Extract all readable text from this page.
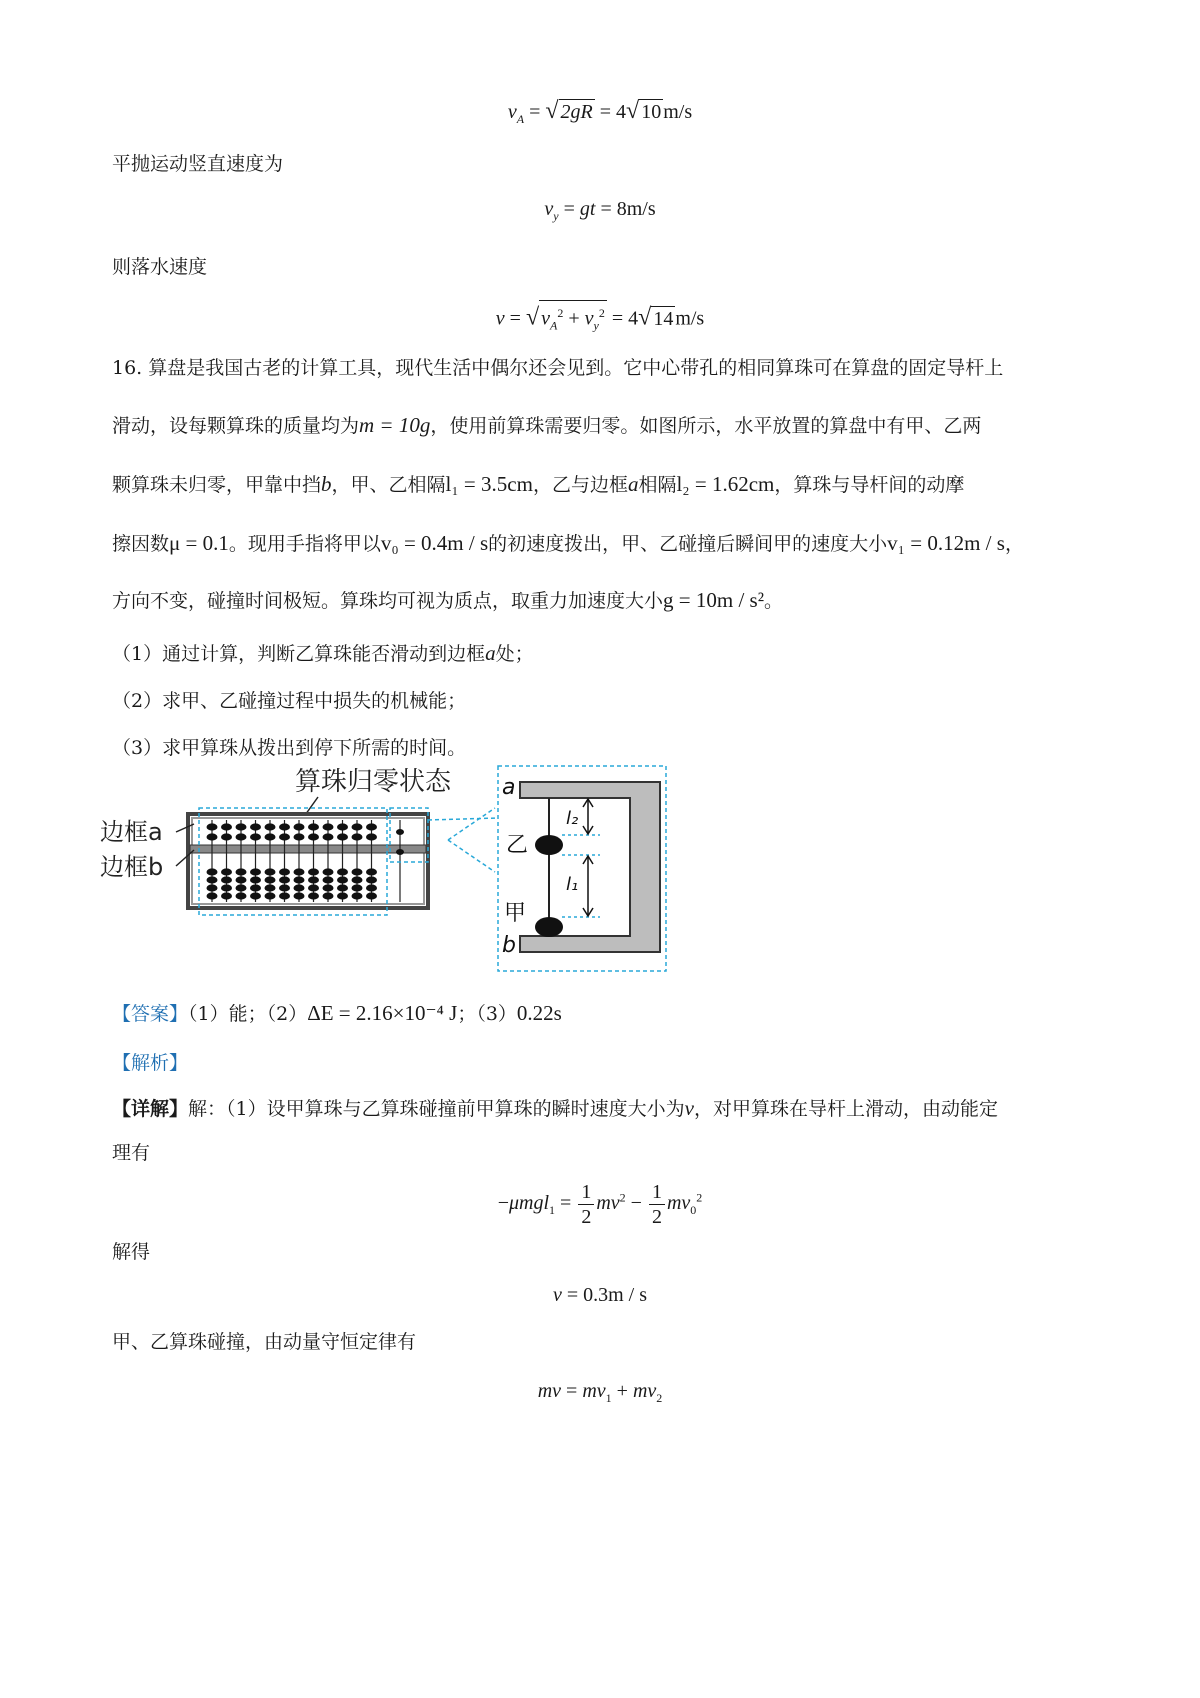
$v_A$ = √ 2gR = 4√ 10 m/s
平抛运动竖直速度为
$v_y$ = gt = 8m/s
则落水速度
v = √ $v_A^2 + v_y^2 = 4√$ 14 m/s
16. 算盘是我国古老的计算工具，现代生活中偶尔还会见到。它中心带孔的相同算珠可在算盘的固定导杆上
滑动，设每颗算珠的质量均为m = 10g，使用前算珠需要归零。如图所示，水平放置的算盘中有甲、乙两
颗算珠未归零，甲靠中挡b，甲、乙相隔l₁ = 3.5cm，乙与边框a相隔l₂ = 1.62cm，算珠与导杆间的动摩
擦因数μ = 0.1。现用手指将甲以v₀ = 0.4m / s的初速度拨出，甲、乙碰撞后瞬间甲的速度大小v₁ = 0.12m / s，
方向不变，碰撞时间极短。算珠均可视为质点，取重力加速度大小g = 10m / s²。
（1）通过计算，判断乙算珠能否滑动到边框a处；
（2）求甲、乙碰撞过程中损失的机械能；
（3）求甲算珠从拨出到停下所需的时间。
算珠归零状态
边框a
边框b
a
b
乙
甲
l₂
l₁
【答案】（1）能；（2）ΔE = 2.16×10⁻⁴ J；（3）0.22s
【解析】
【详解】解：（1）设甲算珠与乙算珠碰撞前甲算珠的瞬时速度大小为v，对甲算珠在导杆上滑动，由动能定
理有
$-\mu mgl_1 = \frac{1}{2} mv^2 - \frac{1}{2} mv_0^2$
解得
v = 0.3m / s
甲、乙算珠碰撞，由动量守恒定律有
mv = $mv_1 + mv_2$
